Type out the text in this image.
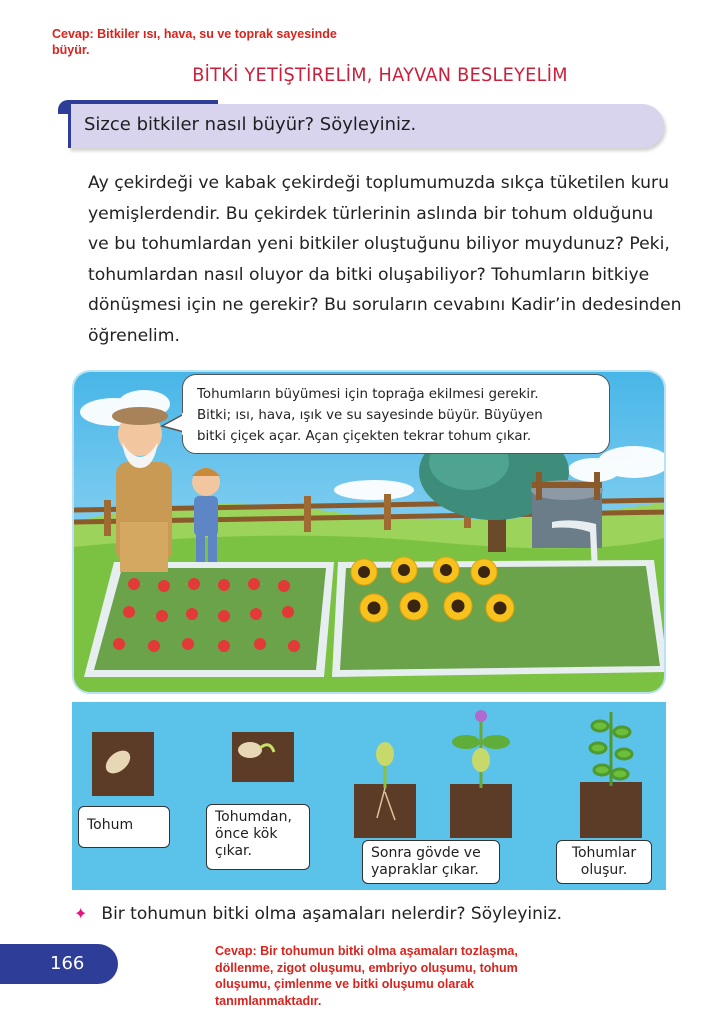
Cevap: Bitkiler ısı, hava, su ve toprak sayesinde
büyür.
BİTKİ YETİŞTİRELİM, HAYVAN BESLEYELİM
Sizce bitkiler nasıl büyür? Söyleyiniz.
Ay çekirdeği ve kabak çekirdeği toplumumuzda sıkça tüketilen kuru
yemişlerdendir. Bu çekirdek türlerinin aslında bir tohum olduğunu
ve bu tohumlardan yeni bitkiler oluştuğunu biliyor muydunuz? Peki,
tohumlardan nasıl oluyor da bitki oluşabiliyor? Tohumların bitkiye
dönüşmesi için ne gerekir? Bu soruların cevabını Kadir’in dedesinden
öğrenelim.
Tohumların büyümesi için toprağa ekilmesi gerekir.
Bitki; ısı, hava, ışık ve su sayesinde büyür. Büyüyen
bitki çiçek açar. Açan çiçekten tekrar tohum çıkar.
Tohum	Tohumdan,
önce kök
çıkar.	Sonra gövde ve
yapraklar çıkar.
Tohumlar
oluşur.
✦ Bir tohumun bitki olma aşamaları nelerdir? Söyleyiniz.
166
Cevap: Bir tohumun bitki olma aşamaları tozlaşma,
döllenme, zigot oluşumu, embriyo oluşumu, tohum
oluşumu, çimlenme ve bitki oluşumu olarak
tanımlanmaktadır.
